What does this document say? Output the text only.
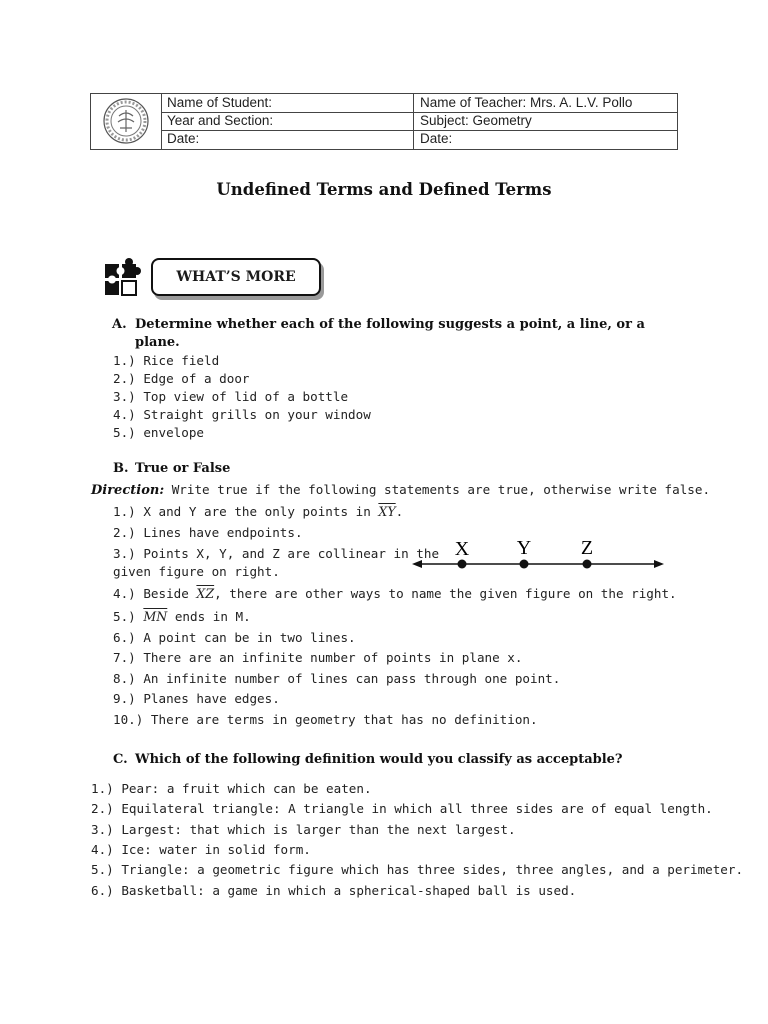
Name of Student:	Name of Teacher: Mrs. A. L.V. Pollo
Year and Section:	Subject: Geometry
Date:	Date:
Undefined Terms and Defined Terms
WHAT’S MORE
A. Determine whether each of the following suggests a point, a line, or a
plane.
1.) Rice field
2.) Edge of a door
3.) Top view of lid of a bottle
4.) Straight grills on your window
5.) envelope
B. True or False
Direction: Write true if the following statements are true, otherwise write false.
1.) X and Y are the only points in $\overline{XY}$.
2.) Lines have endpoints.
3.) Points X, Y, and Z are collinear in the
given figure on right.
4.) Beside $\overline{XZ}$, there are other ways to name the given figure on the right.
5.) $\overline{MN}$ ends in M.
6.) A point can be in two lines.
7.) There are an infinite number of points in plane x.
8.) An infinite number of lines can pass through one point.
9.) Planes have edges.
10.) There are terms in geometry that has no definition.
X Y Z
C. Which of the following definition would you classify as acceptable?
1.) Pear: a fruit which can be eaten.
2.) Equilateral triangle: A triangle in which all three sides are of equal length.
3.) Largest: that which is larger than the next largest.
4.) Ice: water in solid form.
5.) Triangle: a geometric figure which has three sides, three angles, and a perimeter.
6.) Basketball: a game in which a spherical-shaped ball is used.
